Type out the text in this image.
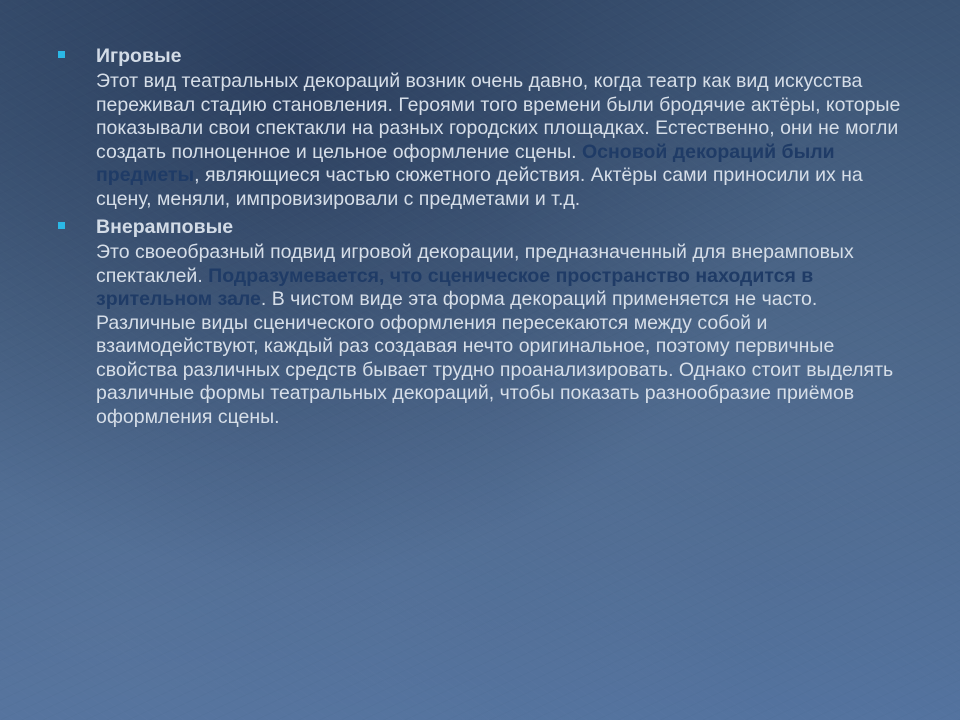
Игровые

Этот вид театральных декораций возник очень давно, когда театр как вид искусства переживал стадию становления. Героями того времени были бродячие актёры, которые показывали свои спектакли на разных городских площадках. Естественно, они не могли создать полноценное и цельное оформление сцены. Основой декораций были предметы, являющиеся частью сюжетного действия. Актёры сами приносили их на сцену, меняли, импровизировали с предметами и т.д.

Внерамповые

Это своеобразный подвид игровой декорации, предназначенный для внерамповых спектаклей. Подразумевается, что сценическое пространство находится в зрительном зале. В чистом виде эта форма декораций применяется не часто. Различные виды сценического оформления пересекаются между собой и взаимодействуют, каждый раз создавая нечто оригинальное, поэтому первичные свойства различных средств бывает трудно проанализировать. Однако стоит выделять различные формы театральных декораций, чтобы показать разнообразие приёмов оформления сцены.
